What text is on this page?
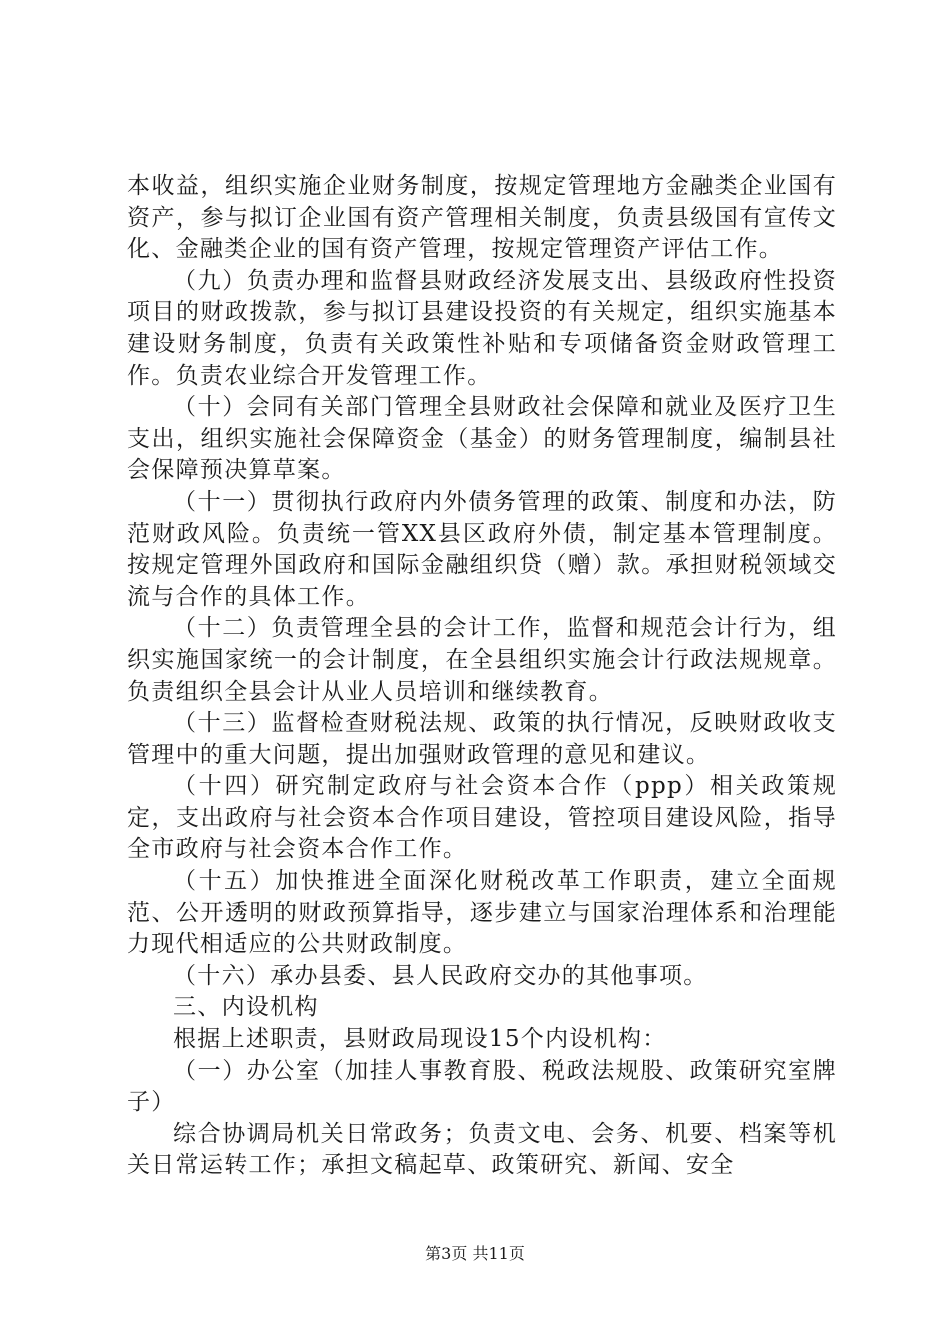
本收益，组织实施企业财务制度，按规定管理地方金融类企业国有资产，参与拟订企业国有资产管理相关制度，负责县级国有宣传文化、金融类企业的国有资产管理，按规定管理资产评估工作。

（九）负责办理和监督县财政经济发展支出、县级政府性投资项目的财政拨款，参与拟订县建设投资的有关规定，组织实施基本建设财务制度，负责有关政策性补贴和专项储备资金财政管理工作。负责农业综合开发管理工作。

（十）会同有关部门管理全县财政社会保障和就业及医疗卫生支出，组织实施社会保障资金（基金）的财务管理制度，编制县社会保障预决算草案。

（十一）贯彻执行政府内外债务管理的政策、制度和办法，防范财政风险。负责统一管XX县区政府外债，制定基本管理制度。按规定管理外国政府和国际金融组织贷（赠）款。承担财税领域交流与合作的具体工作。

（十二）负责管理全县的会计工作，监督和规范会计行为，组织实施国家统一的会计制度，在全县组织实施会计行政法规规章。负责组织全县会计从业人员培训和继续教育。

（十三）监督检查财税法规、政策的执行情况，反映财政收支管理中的重大问题，提出加强财政管理的意见和建议。

（十四）研究制定政府与社会资本合作（ppp）相关政策规定，支出政府与社会资本合作项目建设，管控项目建设风险，指导全市政府与社会资本合作工作。

（十五）加快推进全面深化财税改革工作职责，建立全面规范、公开透明的财政预算指导，逐步建立与国家治理体系和治理能力现代相适应的公共财政制度。

（十六）承办县委、县人民政府交办的其他事项。

三、内设机构

根据上述职责，县财政局现设15个内设机构：

（一）办公室（加挂人事教育股、税政法规股、政策研究室牌子）

综合协调局机关日常政务；负责文电、会务、机要、档案等机关日常运转工作；承担文稿起草、政策研究、新闻、安全

第3页 共11页
